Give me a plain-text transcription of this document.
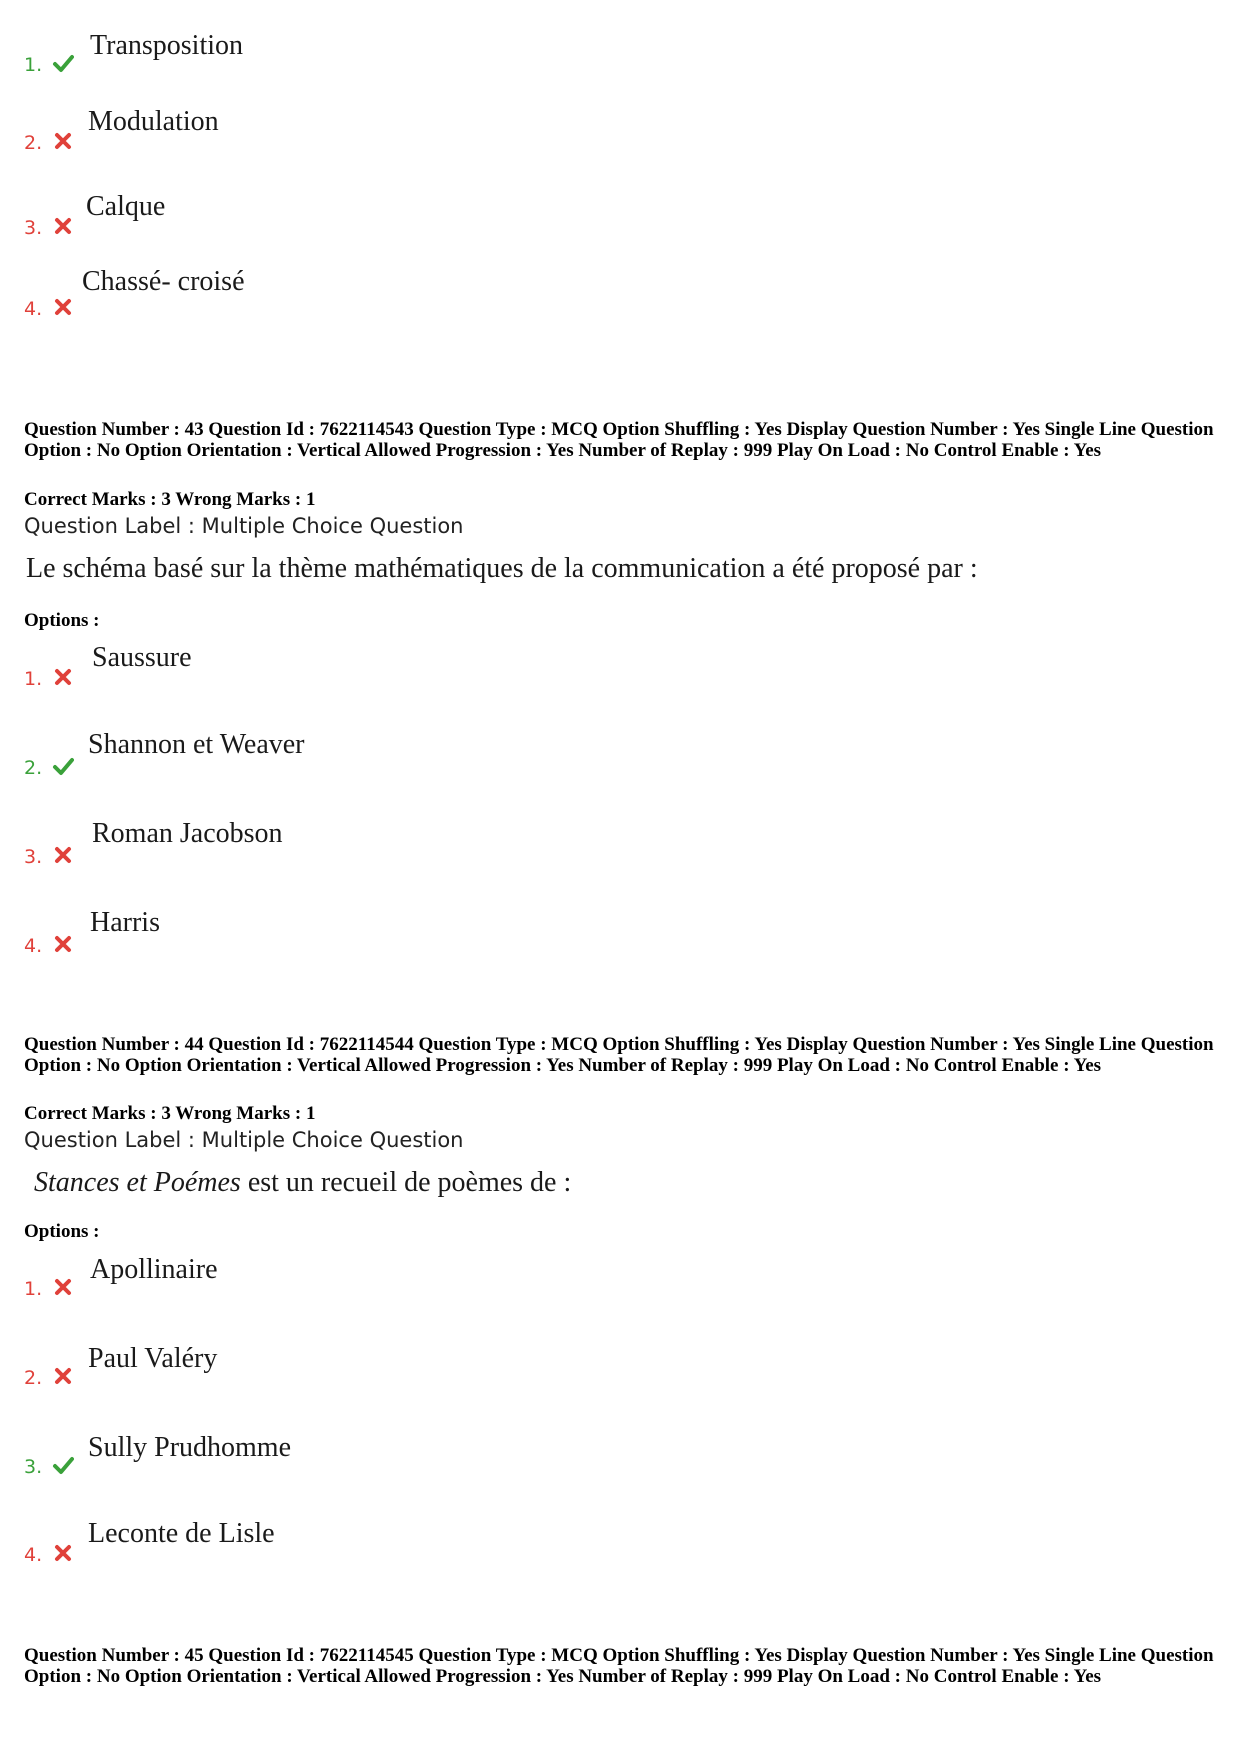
1.
Transposition
2.
Modulation
3.
Calque
4.
Chassé- croisé
Question Number : 43 Question Id : 7622114543 Question Type : MCQ Option Shuffling : Yes Display Question Number : Yes Single Line Question Option : No Option Orientation : Vertical Allowed Progression : Yes Number of Replay : 999 Play On Load : No Control Enable : Yes
Correct Marks : 3 Wrong Marks : 1
Question Label : Multiple Choice Question
Le schéma basé sur la thème mathématiques de la communication a été proposé par :
Options :
1.
Saussure
2.
Shannon et Weaver
3.
Roman Jacobson
4.
Harris
Question Number : 44 Question Id : 7622114544 Question Type : MCQ Option Shuffling : Yes Display Question Number : Yes Single Line Question Option : No Option Orientation : Vertical Allowed Progression : Yes Number of Replay : 999 Play On Load : No Control Enable : Yes
Correct Marks : 3 Wrong Marks : 1
Question Label : Multiple Choice Question
Stances et Poémes est un recueil de poèmes de :
Options :
1.
Apollinaire
2.
Paul Valéry
3.
Sully Prudhomme
4.
Leconte de Lisle
Question Number : 45 Question Id : 7622114545 Question Type : MCQ Option Shuffling : Yes Display Question Number : Yes Single Line Question Option : No Option Orientation : Vertical Allowed Progression : Yes Number of Replay : 999 Play On Load : No Control Enable : Yes
